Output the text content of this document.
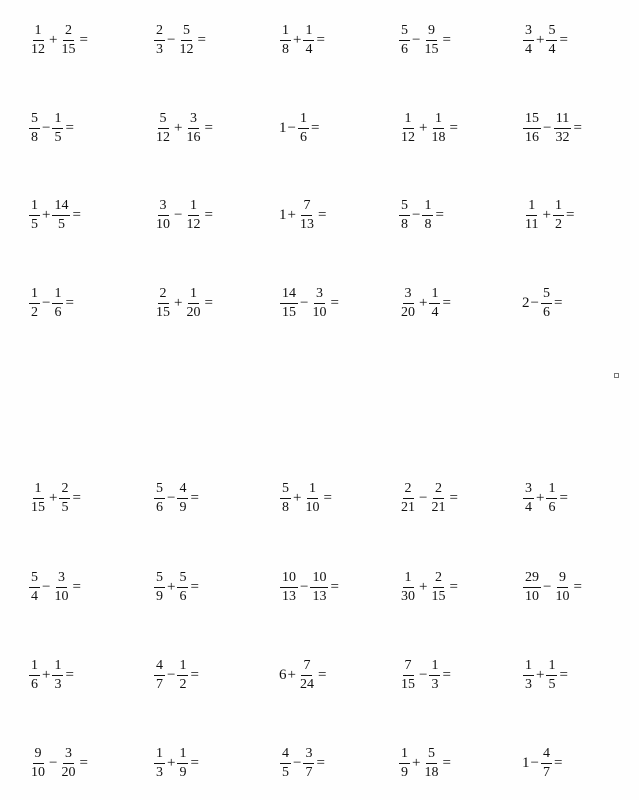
$\frac{1}{12} + \frac{2}{15}$ =	$\frac{2}{3} - \frac{5}{12}$ =	$\frac{1}{8} + \frac{1}{4}$ =	$\frac{5}{6} - \frac{9}{15}$ =	$\frac{3}{4} + \frac{5}{4}$ =
$\frac{5}{8} - \frac{1}{5}$ =	$\frac{5}{12} + \frac{3}{16}$ =	$1 - \frac{1}{6}$ =	$\frac{1}{12} + \frac{1}{18}$ =	$\frac{15}{16} - \frac{11}{32}$ =
$\frac{1}{5} + \frac{14}{5}$ =	$\frac{3}{10} - \frac{1}{12}$ =	$1 + \frac{7}{13}$ =	$\frac{5}{8} - \frac{1}{8}$ =	$\frac{1}{11} + \frac{1}{2}$ =
$\frac{1}{2} - \frac{1}{6}$ =	$\frac{2}{15} + \frac{1}{20}$ =	$\frac{14}{15} - \frac{3}{10}$ =	$\frac{3}{20} + \frac{1}{4}$ =	$2 - \frac{5}{6}$ =
$\frac{1}{15} + \frac{2}{5}$ =	$\frac{5}{6} - \frac{4}{9}$ =	$\frac{5}{8} + \frac{1}{10}$ =	$\frac{2}{21} - \frac{2}{21}$ =	$\frac{3}{4} + \frac{1}{6}$ =
$\frac{5}{4} - \frac{3}{10}$ =	$\frac{5}{9} + \frac{5}{6}$ =	$\frac{10}{13} - \frac{10}{13}$ =	$\frac{1}{30} + \frac{2}{15}$ =	$\frac{29}{10} - \frac{9}{10}$ =
$\frac{1}{6} + \frac{1}{3}$ =	$\frac{4}{7} - \frac{1}{2}$ =	$6 + \frac{7}{24}$ =	$\frac{7}{15} - \frac{1}{3}$ =	$\frac{1}{3} + \frac{1}{5}$ =
$\frac{9}{10} - \frac{3}{20}$ =	$\frac{1}{3} + \frac{1}{9}$ =	$\frac{4}{5} - \frac{3}{7}$ =	$\frac{1}{9} + \frac{5}{18}$ =	$1 - \frac{4}{7}$ =
